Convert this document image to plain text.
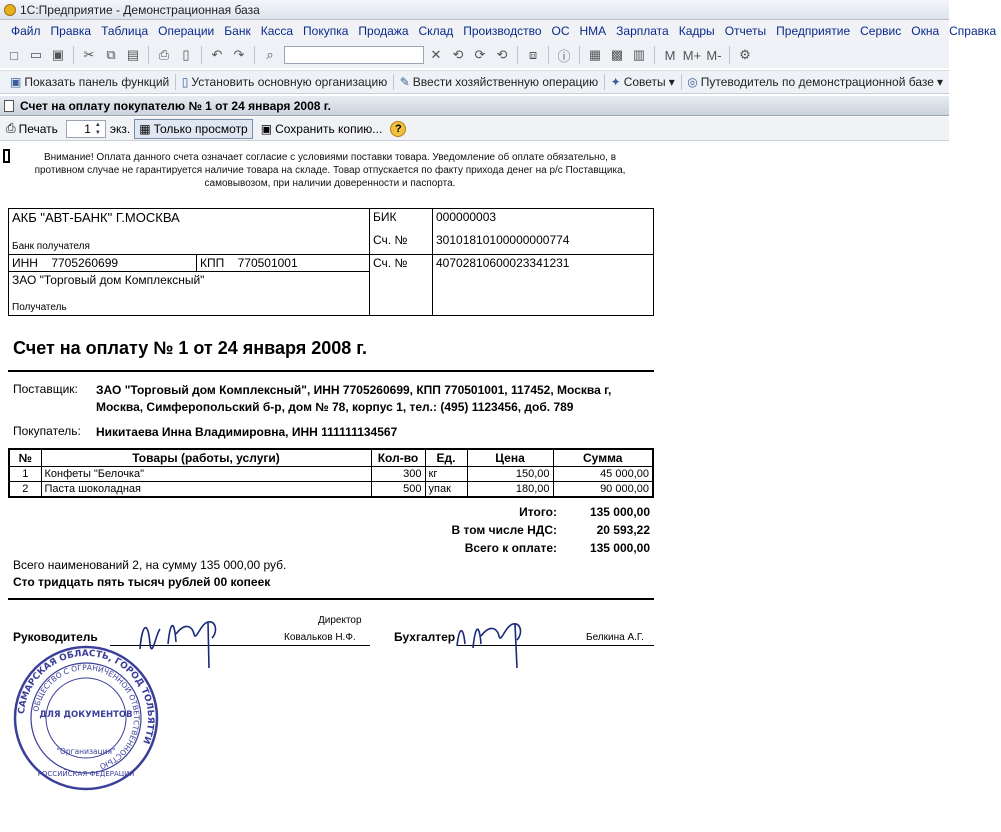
1С:Предприятие - Демонстрационная база
Файл Правка Таблица Операции Банк Касса Покупка Продажа Склад Производство ОС НМА Зарплата Кадры Отчеты Предприятие Сервис Окна Справка
□ ▭ ▣	✂ ⧉ ▤	⎙	▯	↶ ↷	⌕	✕ ⟲ ⟳ ⟲	⧈	ⓘ ▦ ▩ ▥	M M+ M-	⚙
▣ Показать панель функций ▯ Установить основную организацию ✎ Ввести хозяйственную операцию ✦ Советы ▾ ◎ Путеводитель по демонстрационной базе ▾
Счет на оплату покупателю № 1 от 24 января 2008 г.
⎙ Печать 1
▲▼ экз. ▦ Только просмотр ▣ Сохранить копию...	?
Внимание! Оплата данного счета означает согласие с условиями поставки товара. Уведомление об оплате обязательно, в противном случае не гарантируется наличие товара на складе. Товар отпускается по факту прихода денег на р/с Поставщика, самовывозом, при наличии доверенности и паспорта.
АКБ "АВТ-БАНК" Г.МОСКВА
Банк получателя		БИК	000000003
		Сч. №	30101810100000000774
ИНН 7705260699	КПП 770501001	Сч. №	40702810600023341231

ЗАО "Торговый дом Комплексный"
Получатель			
Счет на оплату № 1 от 24 января 2008 г.
Поставщик:	ЗАО "Торговый дом Комплексный", ИНН 7705260699, КПП 770501001, 117452, Москва г, Москва, Симферопольский б-р, дом № 78, корпус 1, тел.: (495) 1123456, доб. 789
Покупатель:	Никитаева Инна Владимировна, ИНН 111111134567
№	Товары (работы, услуги)	Кол-во	Ед.	Цена	Сумма
1	Конфеты "Белочка"	300	кг	150,00	45 000,00
2	Паста шоколадная	500	упак	180,00	90 000,00
Итого:	135 000,00
В том числе НДС:	20 593,22
Всего к оплате:	135 000,00
Всего наименований 2, на сумму 135 000,00 руб.
Сто тридцать пять тысяч рублей 00 копеек
Руководитель
Директор
Ковальков Н.Ф.	Бухгалтер	Белкина А.Г.
САМАРСКАЯ ОБЛАСТЬ, ГОРОД ТОЛЬЯТТИ
ОБЩЕСТВО С ОГРАНИЧЕННОЙ ОТВЕТСТВЕННОСТЬЮ
ДЛЯ ДОКУМЕНТОВ
"Организация"
РОССИЙСКАЯ ФЕДЕРАЦИЯ
